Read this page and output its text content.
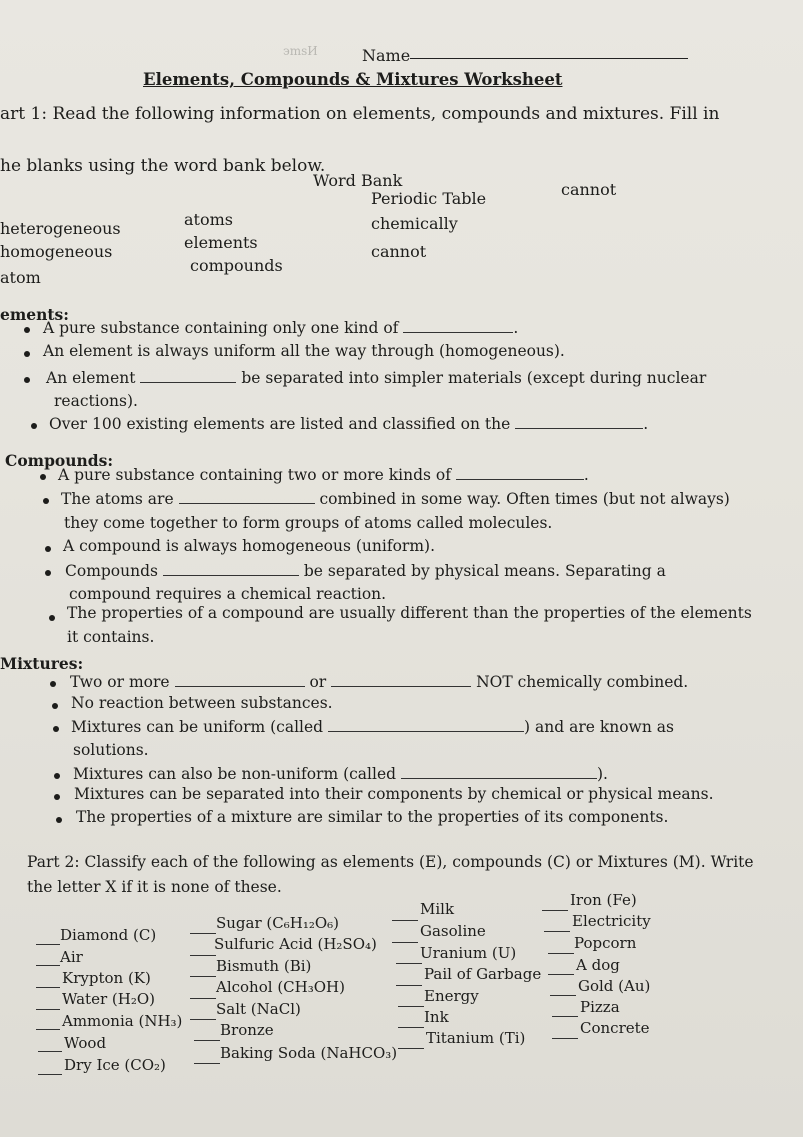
эmsИ	Name
Elements, Compounds & Mixtures Worksheet
art 1: Read the following information on elements, compounds and mixtures. Fill in
he blanks using the word bank below.
Word Bank
heterogeneous
homogeneous
atom
atoms
elements
compounds
Periodic Table
chemically
cannot
cannot
ements:
A pure substance containing only one kind of	.
An element is always uniform all the way through (homogeneous).
An element	be separated into simpler materials (except during nuclear
reactions).
Over 100 existing elements are listed and classified on the	.
Compounds:
A pure substance containing two or more kinds of	.
The atoms are	combined in some way. Often times (but not always)
they come together to form groups of atoms called molecules.
A compound is always homogeneous (uniform).
Compounds	be separated by physical means. Separating a
compound requires a chemical reaction.
The properties of a compound are usually different than the properties of the elements
it contains.
Mixtures:
Two or more	or	NOT chemically combined.
No reaction between substances.
Mixtures can be uniform (called	) and are known as
solutions.
Mixtures can also be non-uniform (called	).
Mixtures can be separated into their components by chemical or physical means.
The properties of a mixture are similar to the properties of its components.
Part 2: Classify each of the following as elements (E), compounds (C) or Mixtures (M). Write
the letter X if it is none of these.
Diamond (C)
Air
Krypton (K)
Water (H₂O)
Ammonia (NH₃)
Wood
Dry Ice (CO₂)
Sugar (C₆H₁₂O₆)
Sulfuric Acid (H₂SO₄)
Bismuth (Bi)
Alcohol (CH₃OH)
Salt (NaCl)
Bronze
Baking Soda (NaHCO₃)
Milk
Gasoline
Uranium (U)
Pail of Garbage
Energy
Ink
Titanium (Ti)
Iron (Fe)
Electricity
Popcorn
A dog
Gold (Au)
Pizza
Concrete
